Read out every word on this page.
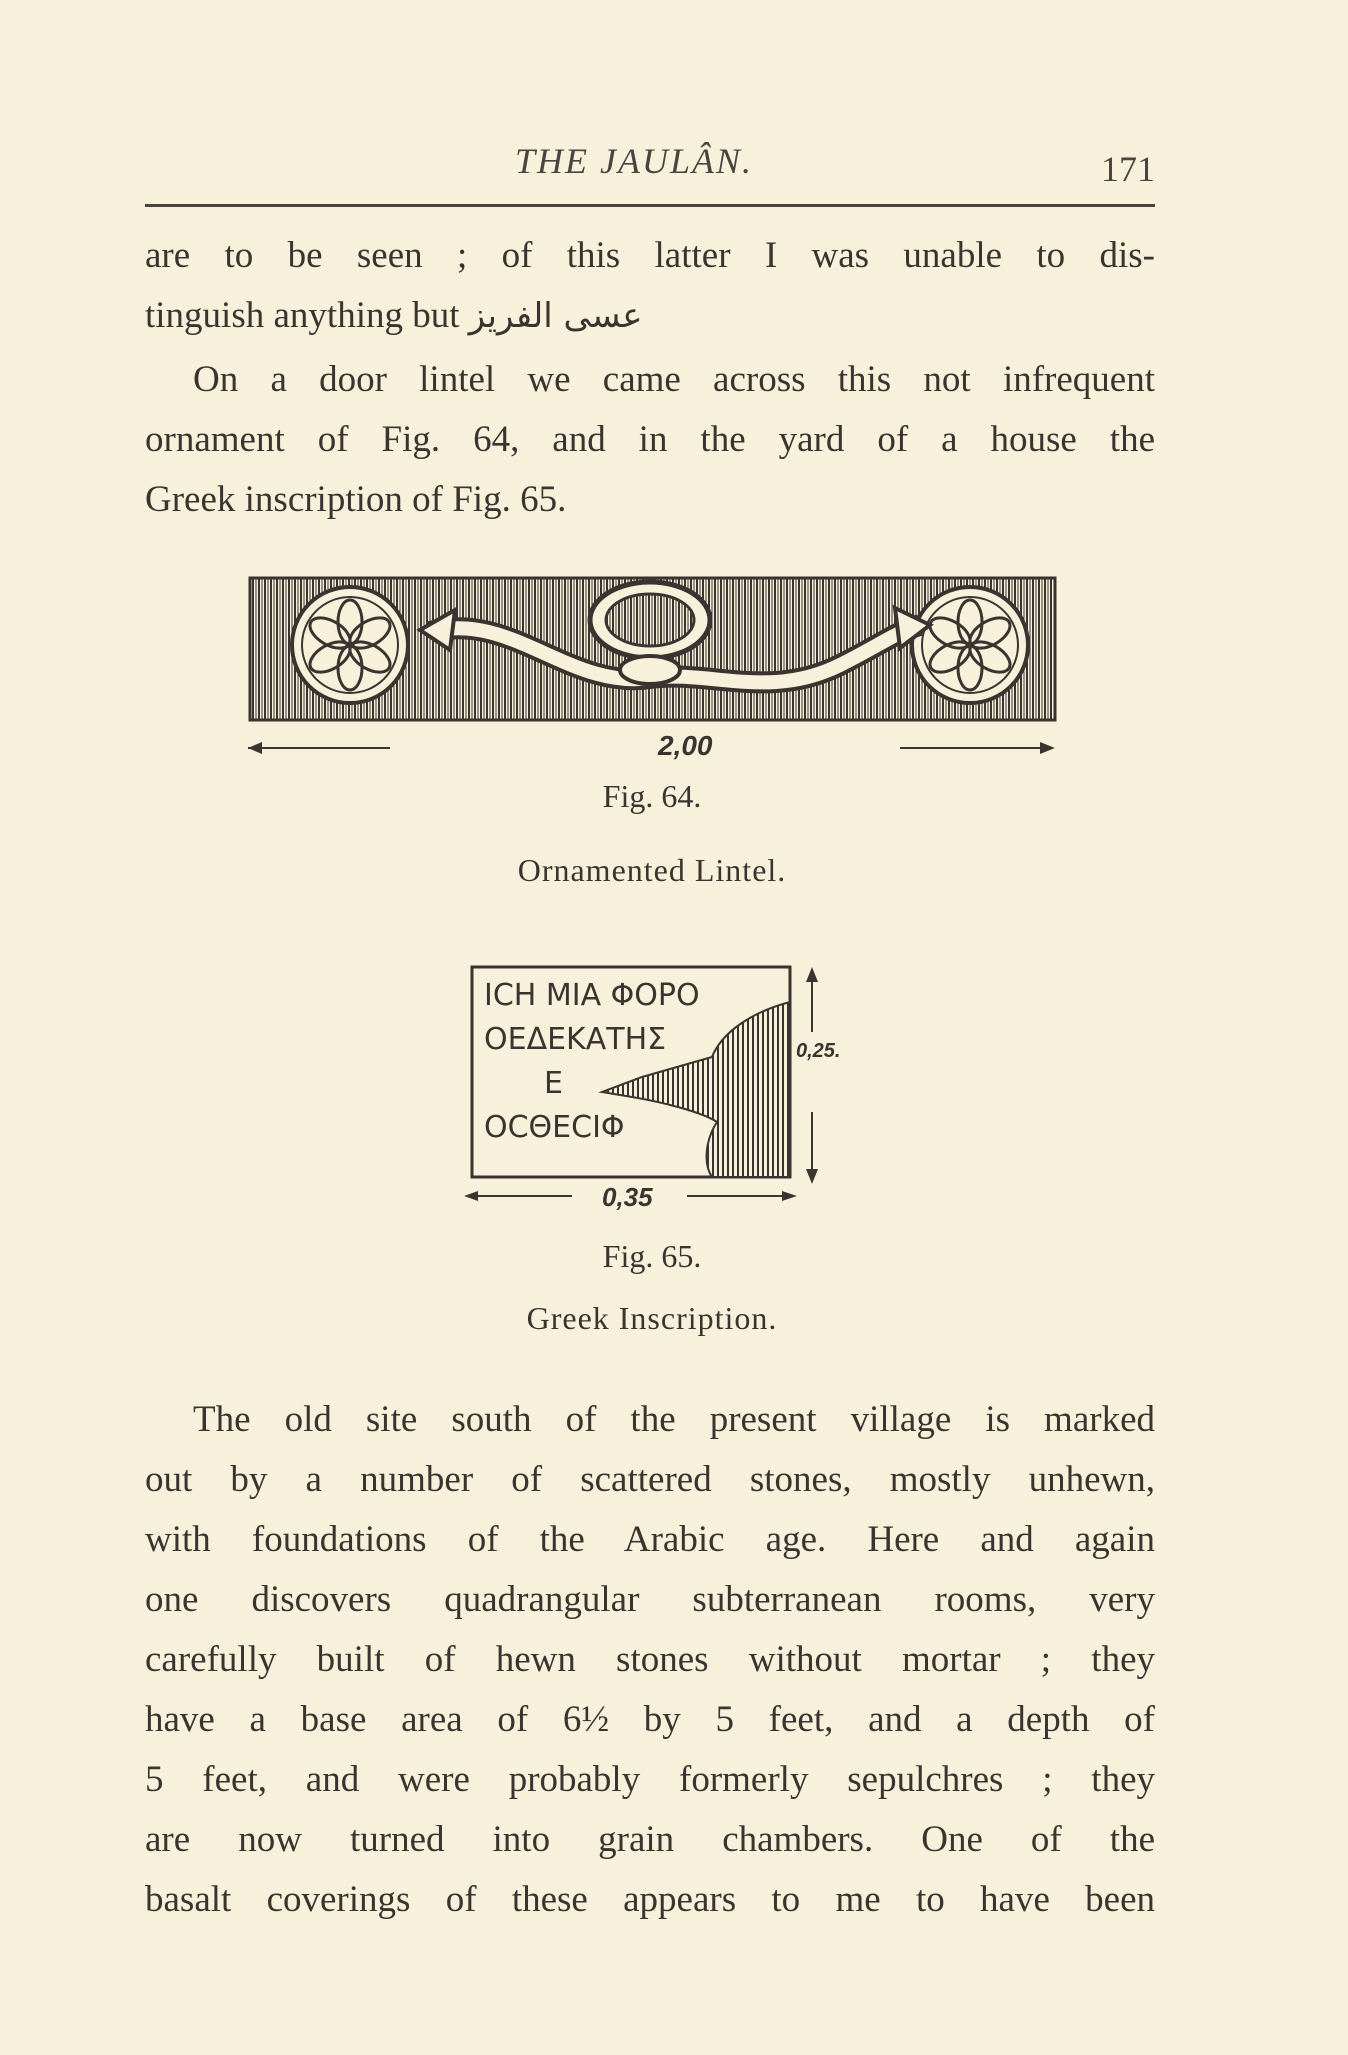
THE JAULÂN.	171
are to be seen ; of this latter I was unable to dis-
tinguish anything but عسى الفريز
On a door lintel we came across this not infrequent
ornament of Fig. 64, and in the yard of a house the
Greek inscription of Fig. 65.
2,00
Fig. 64.
Ornamented Lintel.
ICH MIA ΦΟΡΟ
ΟΕΔΕΚΑΤΗΣ
Ε
ΟCΘΕCΙΦ
0,25.
0,35
Fig. 65.
Greek Inscription.
The old site south of the present village is marked
out by a number of scattered stones, mostly unhewn,
with foundations of the Arabic age. Here and again
one discovers quadrangular subterranean rooms, very
carefully built of hewn stones without mortar ; they
have a base area of 6½ by 5 feet, and a depth of
5 feet, and were probably formerly sepulchres ; they
are now turned into grain chambers. One of the
basalt coverings of these appears to me to have been
